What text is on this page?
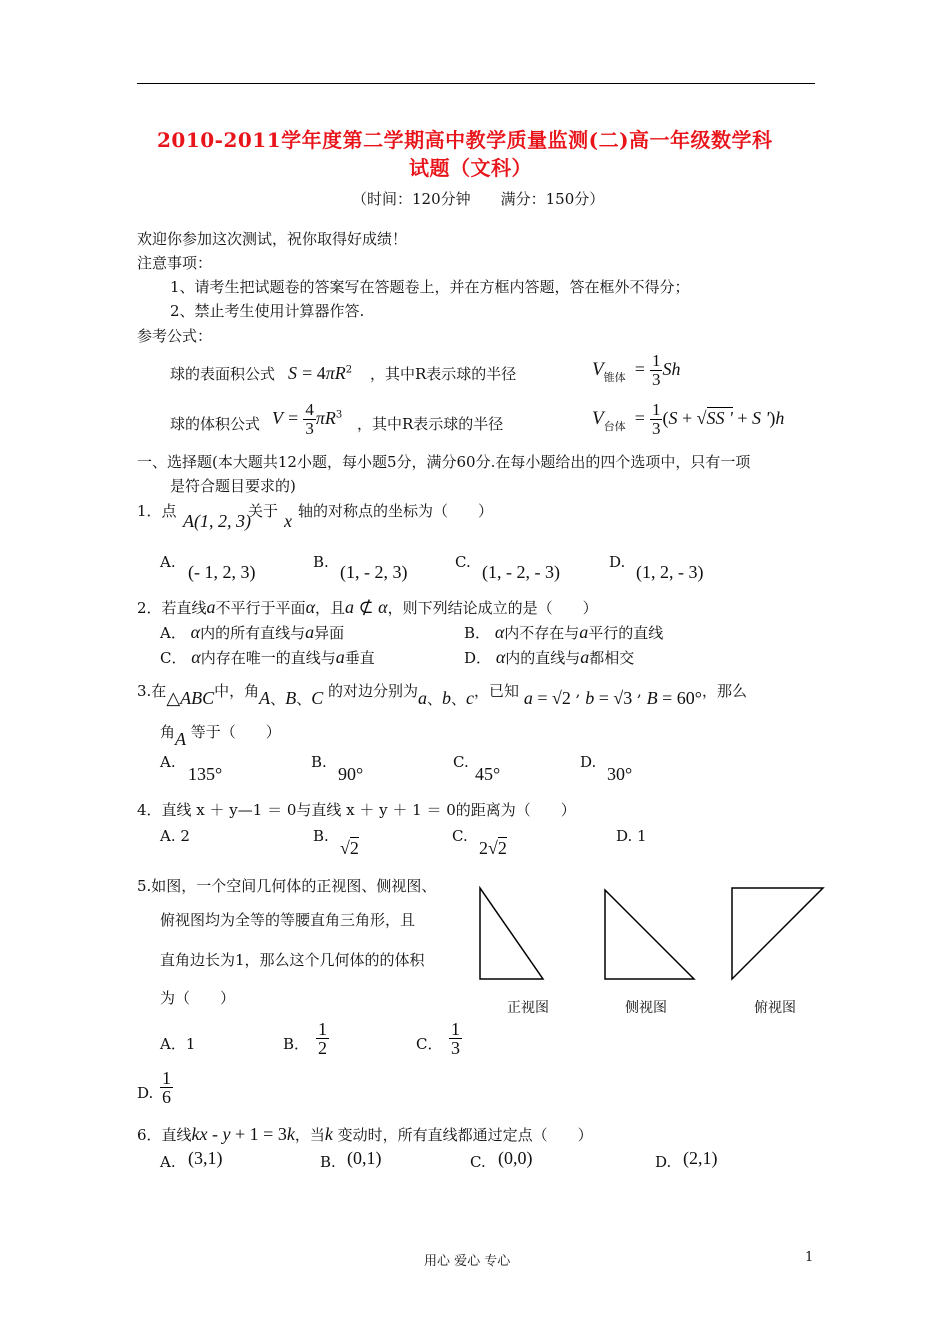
2010-2011学年度第二学期高中教学质量监测(二)高一年级数学科
试题（文科）
（时间：120分钟　　满分：150分）
欢迎你参加这次测试，祝你取得好成绩！
注意事项：
1、请考生把试题卷的答案写在答题卷上，并在方框内答题，答在框外不得分；
2、禁止考生使用计算器作答.
参考公式：
球的表面积公式 $S = 4\pi R^2$ ，其中R表示球的半径	$V_{锥体} = \frac{1}{3}$ Sh
球的体积公式 $V = \frac{4}{3} \pi R^3$ ，其中R表示球的半径	$V_{台体} = \frac{1}{3} (S + √SS$ ' + S ')h
一、选择题(本大题共12小题，每小题5分，满分60分.在每小题给出的四个选项中，只有一项
是符合题目要求的)
1．点 A(1, 2, 3)
关于 x 轴的对称点的坐标为（　　）
A. (- 1, 2, 3)	B. (1, - 2, 3)	C. (1, - 2, - 3)	D. (1, 2, - 3)
2．若直线a不平行于平面α，且a ⊄ α，则下列结论成立的是（　　）
A． α内的所有直线与a异面	B． α内不存在与a平行的直线
C． α内存在唯一的直线与a垂直	D． α内的直线与a都相交
3.在△ABC中，角A、B、C 的对边分别为a、b、c，已知 a = √2 , b = √3 , B = 60°，那么
角A 等于（　　）
A.
135°
B.
90°
C.
45°
D.
30°
4．直线 x ＋ y—1 ＝ 0与直线 x ＋ y ＋ 1 ＝ 0的距离为（　　）
A. 2	B.
√2
C.
2√2
D. 1
5.如图，一个空间几何体的正视图、侧视图、
俯视图均为全等的等腰直角三角形，且
直角边长为1，那么这个几何体的的体积
为（　　）
正视图	侧视图	俯视图
A．1	B． $\frac{1}{2}$	C． $\frac{1}{3}$
D. $\frac{1}{6}$
6．直线kx - y + 1 = 3k，当k 变动时，所有直线都通过定点（　　）
A. (3,1)	B. (0,1)	C. (0,0)	D. (2,1)
用心 爱心 专心	1
